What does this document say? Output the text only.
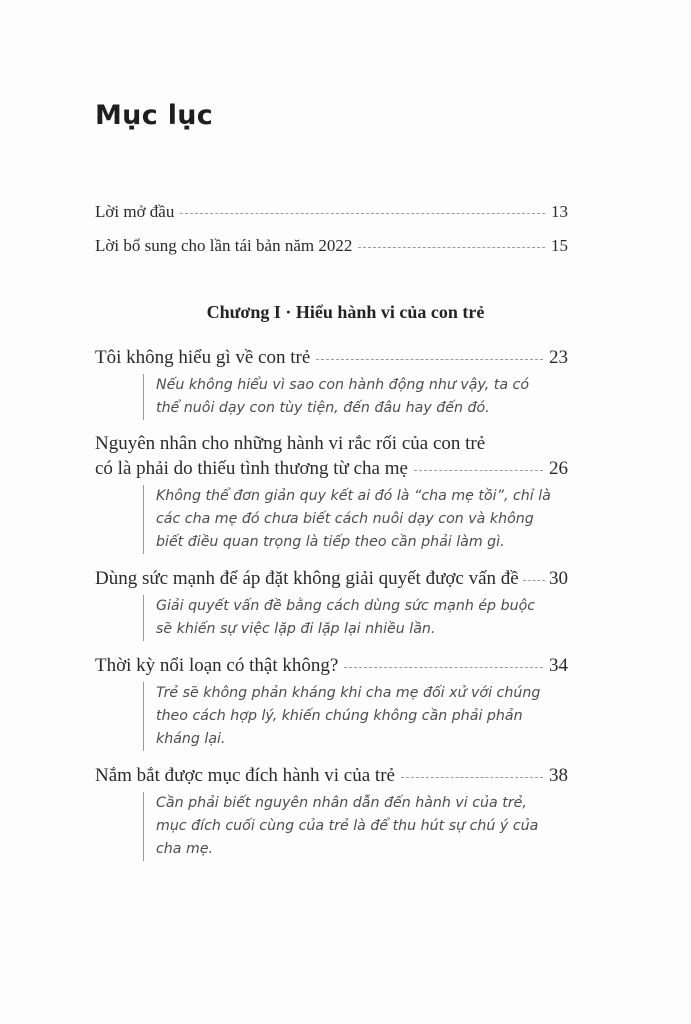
Mục lục
Lời mở đầu	13
Lời bổ sung cho lần tái bản năm 2022	15
Chương I · Hiểu hành vi của con trẻ
Tôi không hiểu gì về con trẻ	23
Nếu không hiểu vì sao con hành động như vậy, ta có
thể nuôi dạy con tùy tiện, đến đâu hay đến đó.
Nguyên nhân cho những hành vi rắc rối của con trẻ
có là phải do thiếu tình thương từ cha mẹ	26
Không thể đơn giản quy kết ai đó là “cha mẹ tồi”, chỉ là
các cha mẹ đó chưa biết cách nuôi dạy con và không
biết điều quan trọng là tiếp theo cần phải làm gì.
Dùng sức mạnh để áp đặt không giải quyết được vấn đề 30
Giải quyết vấn đề bằng cách dùng sức mạnh ép buộc
sẽ khiến sự việc lặp đi lặp lại nhiều lần.
Thời kỳ nổi loạn có thật không?	34
Trẻ sẽ không phản kháng khi cha mẹ đối xử với chúng
theo cách hợp lý, khiến chúng không cần phải phản
kháng lại.
Nắm bắt được mục đích hành vi của trẻ	38
Cần phải biết nguyên nhân dẫn đến hành vi của trẻ,
mục đích cuối cùng của trẻ là để thu hút sự chú ý của
cha mẹ.
